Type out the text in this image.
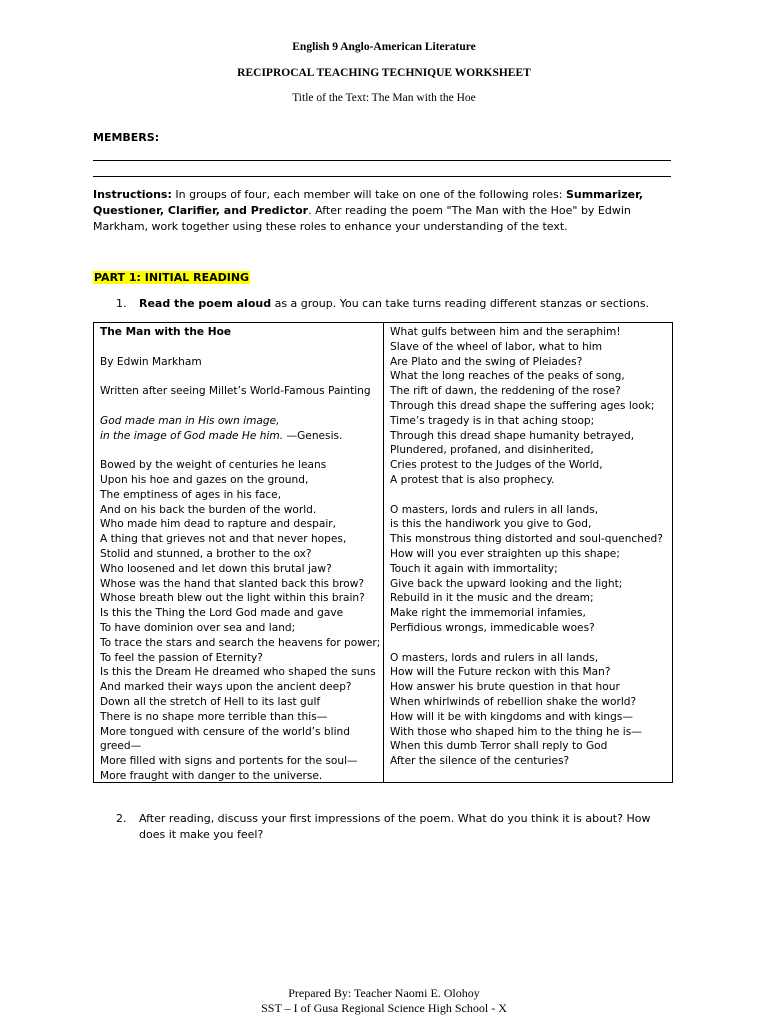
English 9 Anglo-American Literature
RECIPROCAL TEACHING TECHNIQUE WORKSHEET
Title of the Text: The Man with the Hoe
MEMBERS:
Instructions: In groups of four, each member will take on one of the following roles: Summarizer, Questioner, Clarifier, and Predictor. After reading the poem "The Man with the Hoe" by Edwin Markham, work together using these roles to enhance your understanding of the text.
PART 1: INITIAL READING
1. Read the poem aloud as a group. You can take turns reading different stanzas or sections.
The Man with the Hoe
By Edwin Markham
Written after seeing Millet’s World-Famous Painting
God made man in His own image,
in the image of God made He him. —Genesis.
Bowed by the weight of centuries he leans
Upon his hoe and gazes on the ground,
The emptiness of ages in his face,
And on his back the burden of the world.
Who made him dead to rapture and despair,
A thing that grieves not and that never hopes,
Stolid and stunned, a brother to the ox?
Who loosened and let down this brutal jaw?
Whose was the hand that slanted back this brow?
Whose breath blew out the light within this brain?
Is this the Thing the Lord God made and gave
To have dominion over sea and land;
To trace the stars and search the heavens for power;
To feel the passion of Eternity?
Is this the Dream He dreamed who shaped the suns
And marked their ways upon the ancient deep?
Down all the stretch of Hell to its last gulf
There is no shape more terrible than this—
More tongued with censure of the world’s blind
greed—
More filled with signs and portents for the soul—
More fraught with danger to the universe.
What gulfs between him and the seraphim!
Slave of the wheel of labor, what to him
Are Plato and the swing of Pleiades?
What the long reaches of the peaks of song,
The rift of dawn, the reddening of the rose?
Through this dread shape the suffering ages look;
Time’s tragedy is in that aching stoop;
Through this dread shape humanity betrayed,
Plundered, profaned, and disinherited,
Cries protest to the Judges of the World,
A protest that is also prophecy.
O masters, lords and rulers in all lands,
is this the handiwork you give to God,
This monstrous thing distorted and soul-quenched?
How will you ever straighten up this shape;
Touch it again with immortality;
Give back the upward looking and the light;
Rebuild in it the music and the dream;
Make right the immemorial infamies,
Perfidious wrongs, immedicable woes?
O masters, lords and rulers in all lands,
How will the Future reckon with this Man?
How answer his brute question in that hour
When whirlwinds of rebellion shake the world?
How will it be with kingdoms and with kings—
With those who shaped him to the thing he is—
When this dumb Terror shall reply to God
After the silence of the centuries?
2. After reading, discuss your first impressions of the poem. What do you think it is about? How does it make you feel?
Prepared By: Teacher Naomi E. Olohoy
SST – I of Gusa Regional Science High School - X
